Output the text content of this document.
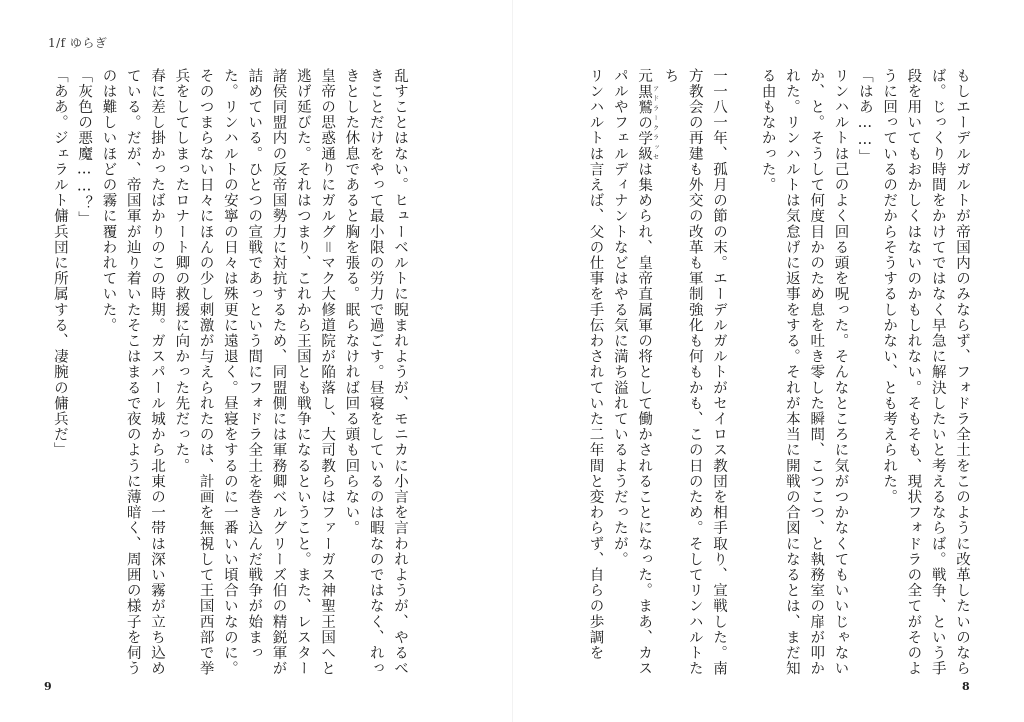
1/f ゆらぎ

もしエーデルガルトが帝国内のみならず、フォドラ全土をこのように改革したいのならば。じっくり時間をかけてではなく早急に解決したいと考えるならば。戦争、という手段を用いてもおかしくはないのかもしれない。そもそも、現状フォドラの全てがそのように回っているのだからそうするしかない、とも考えられた。

「はあ……」

リンハルトは己のよく回る頭を呪った。そんなところに気がつかなくてもいいじゃないか、と。そうして何度目かのため息を吐き零した瞬間、こつこつ、と執務室の扉が叩かれた。リンハルトは気怠げに返事をする。それが本当に開戦の合図になるとは、まだ知る由もなかった。

一一八一年、孤月の節の末。エーデルガルトがセイロス教団を相手取り、宣戦した。南方教会の再建も外交の改革も軍制強化も何もかも、この日のため。そしてリンハルトたち

元黒鷲の学級 アドラークラッセは集められ、皇帝直属軍の将として働かされることになった。まあ、カスパルやフェルディナントなどはやる気に満ち溢れているようだったが。

リンハルトは言えば、父の仕事を手伝わされていた二年間と変わらず、自らの歩調を

乱すことはない。ヒューベルトに睨まれようが、モニカに小言を言われようが、やるべきことだけをやって最小限の労力で過ごす。昼寝をしているのは暇なのではなく、れっきとした休息であると胸を張る。眠らなければ回る頭も回らない。

皇帝の思惑通りにガルグ＝マク大修道院が陥落し、大司教らはファーガス神聖王国へと逃げ延びた。それはつまり、これから王国とも戦争になるということ。また、レスター諸侯同盟内の反帝国勢力に対抗するため、同盟側には軍務卿ベルグリーズ伯の精鋭軍が詰めている。ひとつの宣戦であっという間にフォドラ全土を巻き込んだ戦争が始まった。リンハルトの安寧の日々は殊更に遠退く。昼寝をするのに一番いい頃合いなのに。

そのつまらない日々にほんの少し刺激が与えられたのは、計画を無視して王国西部で挙兵をしてしまったロナート卿の救援に向かった先だった。

春に差し掛かったばかりのこの時期。ガスパール城から北東の一帯は深い霧が立ち込めている。だが、帝国軍が辿り着いたそこはまるで夜のように薄暗く、周囲の様子を伺うのは難しいほどの霧に覆われていた。

「灰色の悪魔……？」

「ああ。ジェラルト傭兵団に所属する、凄腕の傭兵だ」

9	8
